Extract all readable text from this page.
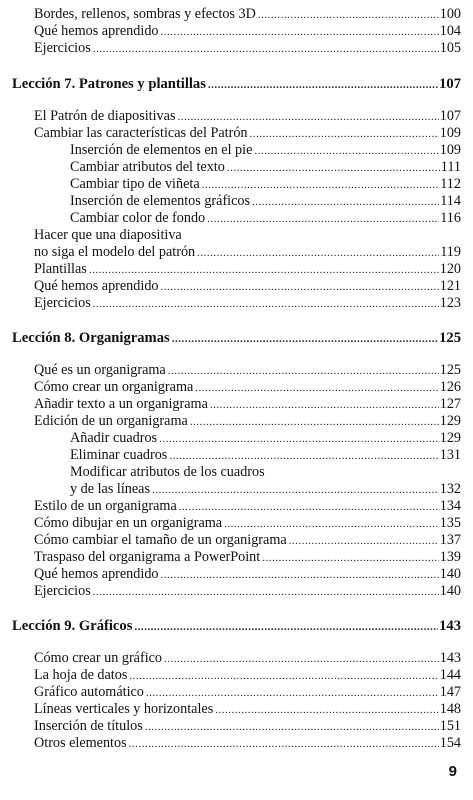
Bordes, rellenos, sombras y efectos 3D .....	100
Qué hemos aprendido .....	104
Ejercicios .....	105
Lección 7. Patrones y plantillas .....	107
El Patrón de diapositivas .....	107
Cambiar las características del Patrón .....	109
Inserción de elementos en el pie .....	109
Cambiar atributos del texto .....	111
Cambiar tipo de viñeta .....	112
Inserción de elementos gráficos .....	114
Cambiar color de fondo .....	116
Hacer que una diapositiva
no siga el modelo del patrón .....	119
Plantillas .....	120
Qué hemos aprendido .....	121
Ejercicios .....	123
Lección 8. Organigramas .....	125
Qué es un organigrama .....	125
Cómo crear un organigrama .....	126
Añadir texto a un organigrama .....	127
Edición de un organigrama .....	129
Añadir cuadros .....	129
Eliminar cuadros .....	131
Modificar atributos de los cuadros
y de las líneas .....	132
Estilo de un organigrama .....	134
Cómo dibujar en un organigrama .....	135
Cómo cambiar el tamaño de un organigrama .....	137
Traspaso del organigrama a PowerPoint .....	139
Qué hemos aprendido .....	140
Ejercicios .....	140
Lección 9. Gráficos .....	143
Cómo crear un gráfico .....	143
La hoja de datos .....	144
Gráfico automático .....	147
Líneas verticales y horizontales .....	148
Inserción de títulos .....	151
Otros elementos .....	154
9
